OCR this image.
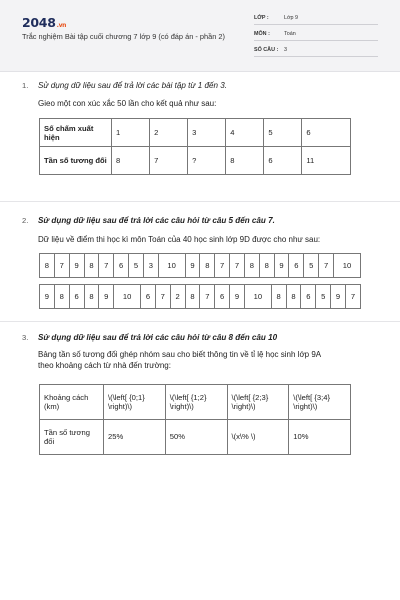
2048.vn
Trắc nghiệm Bài tập cuối chương 7 lớp 9 (có đáp án - phần 2)
LỚP :	Lớp 9
MÔN :	Toán
SỐ CÂU : 3
1. Sử dụng dữ liệu sau để trả lời các bài tập từ 1 đến 3.
Gieo một con xúc xắc 50 lần cho kết quả như sau:
Số chấm xuất hiện	1	2	3	4	5	6
Tần số tương đối	8	7	?	8	6	11
2. Sử dụng dữ liệu sau để trả lời các câu hỏi từ câu 5 đến câu 7.
Dữ liệu về điểm thi học kì môn Toán của 40 học sinh lớp 9D được cho như sau:
8	7	9	8	7	6	5	3	10	9	8	7	7	8	8	9	6	5	7	10
9	8	6	8	9	10	6	7	2	8	7	6	9	10	8	8	6	5	9	7
3. Sử dụng dữ liệu sau để trả lời các câu hỏi từ câu 8 đến câu 10
Bảng tần số tương đối ghép nhóm sau cho biết thông tin về tỉ lệ học sinh lớp 9A
theo khoảng cách từ nhà đến trường:
Khoảng cách (km)	\(\left[ {0;1} \right)\)	\(\left[ {1;2} \right)\)	\(\left[ {2;3} \right)\)	\(\left[ {3;4} \right)\)
Tần số tương đối	25%	50%	\(x\% \)	10%
